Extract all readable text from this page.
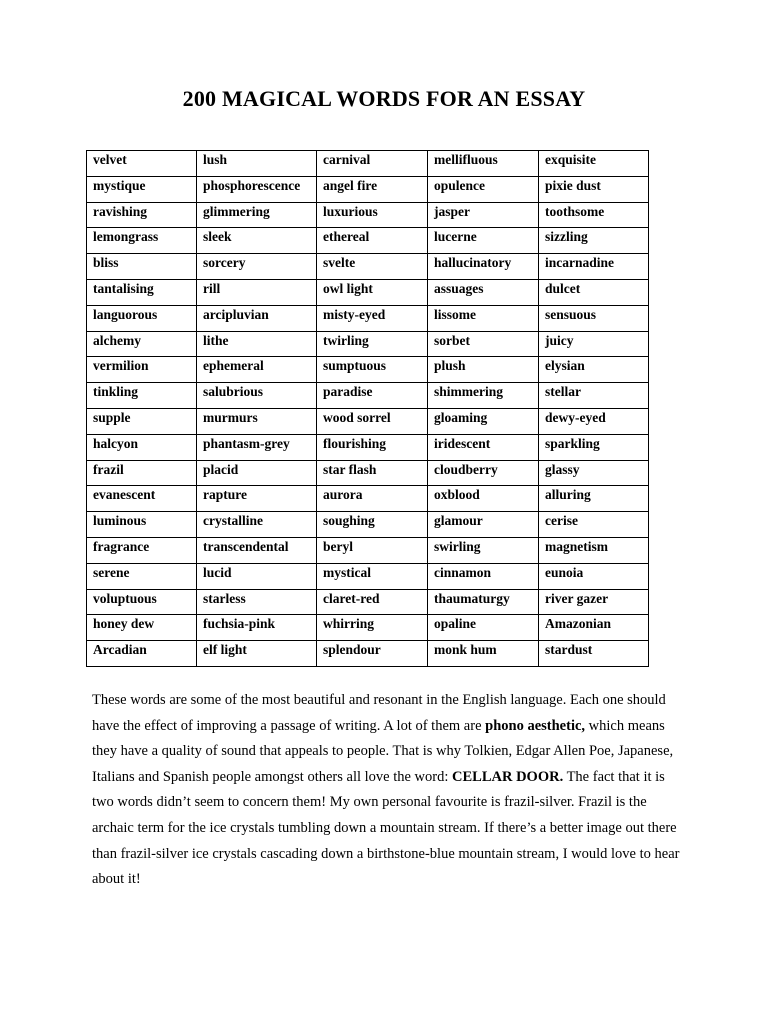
200 MAGICAL WORDS FOR AN ESSAY
velvet	lush	carnival	mellifluous	exquisite
mystique	phosphorescence	angel fire	opulence	pixie dust
ravishing	glimmering	luxurious	jasper	toothsome
lemongrass	sleek	ethereal	lucerne	sizzling
bliss	sorcery	svelte	hallucinatory	incarnadine
tantalising	rill	owl light	assuages	dulcet
languorous	arcipluvian	misty-eyed	lissome	sensuous
alchemy	lithe	twirling	sorbet	juicy
vermilion	ephemeral	sumptuous	plush	elysian
tinkling	salubrious	paradise	shimmering	stellar
supple	murmurs	wood sorrel	gloaming	dewy-eyed
halcyon	phantasm-grey	flourishing	iridescent	sparkling
frazil	placid	star flash	cloudberry	glassy
evanescent	rapture	aurora	oxblood	alluring
luminous	crystalline	soughing	glamour	cerise
fragrance	transcendental	beryl	swirling	magnetism
serene	lucid	mystical	cinnamon	eunoia
voluptuous	starless	claret-red	thaumaturgy	river gazer
honey dew	fuchsia-pink	whirring	opaline	Amazonian
Arcadian	elf light	splendour	monk hum	stardust
These words are some of the most beautiful and resonant in the English language. Each one should have the effect of improving a passage of writing. A lot of them are phono aesthetic, which means they have a quality of sound that appeals to people. That is why Tolkien, Edgar Allen Poe, Japanese, Italians and Spanish people amongst others all love the word: CELLAR DOOR. The fact that it is two words didn’t seem to concern them! My own personal favourite is frazil-silver. Frazil is the archaic term for the ice crystals tumbling down a mountain stream. If there’s a better image out there than frazil-silver ice crystals cascading down a birthstone-blue mountain stream, I would love to hear about it!
